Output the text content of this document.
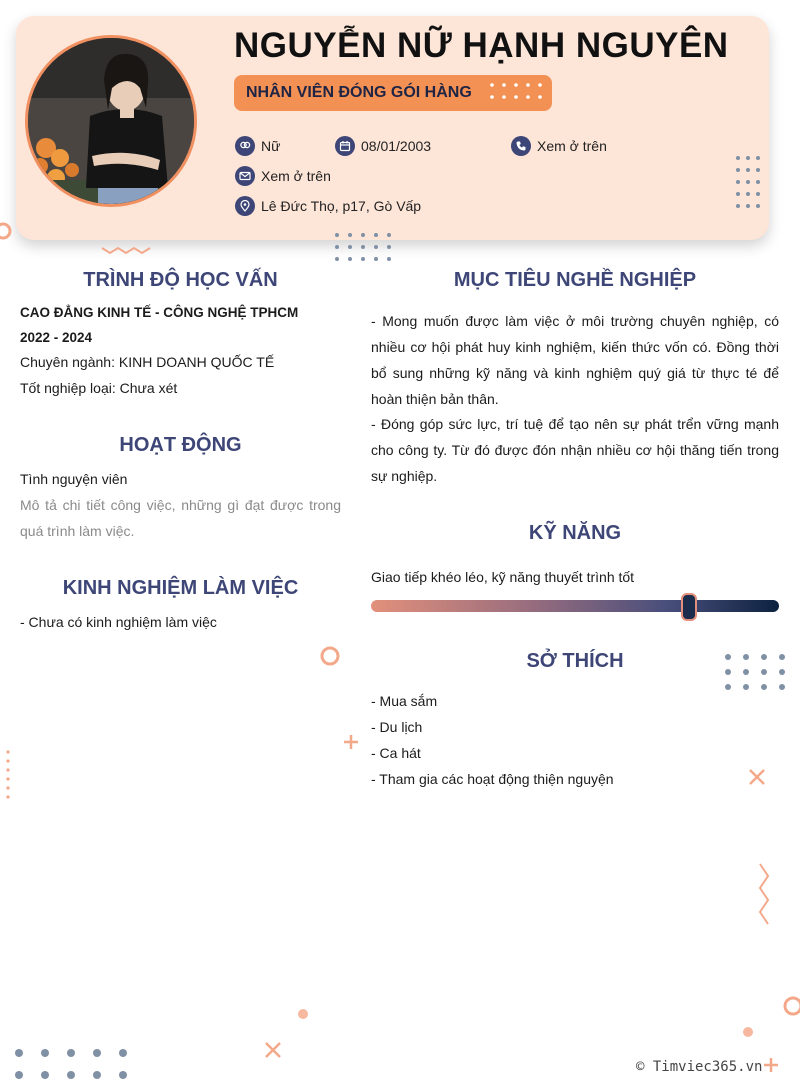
NGUYỄN NỮ HẠNH NGUYÊN
NHÂN VIÊN ĐÓNG GÓI HÀNG
Nữ	08/01/2003	Xem ở trên
Xem ở trên
Lê Đức Thọ, p17, Gò Vấp
TRÌNH ĐỘ HỌC VẤN
CAO ĐẲNG KINH TẾ - CÔNG NGHỆ TPHCM
2022 - 2024
Chuyên ngành: KINH DOANH QUỐC TẾ
Tốt nghiệp loại: Chưa xét
HOẠT ĐỘNG
Tình nguyện viên
Mô tả chi tiết công việc, những gì đạt được trong quá trình làm việc.
KINH NGHIỆM LÀM VIỆC
- Chưa có kinh nghiệm làm việc
MỤC TIÊU NGHỀ NGHIỆP
- Mong muốn được làm việc ở môi trường chuyên nghiệp, có nhiều cơ hội phát huy kinh nghiệm, kiến thức vốn có. Đồng thời bổ sung những kỹ năng và kinh nghiệm quý giá từ thực té để hoàn thiện bản thân.
- Đóng góp sức lực, trí tuệ để tạo nên sự phát trển vững mạnh cho công ty. Từ đó được đón nhận nhiều cơ hội thăng tiến trong sự nghiệp.
KỸ NĂNG
Giao tiếp khéo léo, kỹ năng thuyết trình tốt
SỞ THÍCH
- Mua sắm
- Du lịch
- Ca hát
- Tham gia các hoạt động thiện nguyện
© Timviec365.vn
